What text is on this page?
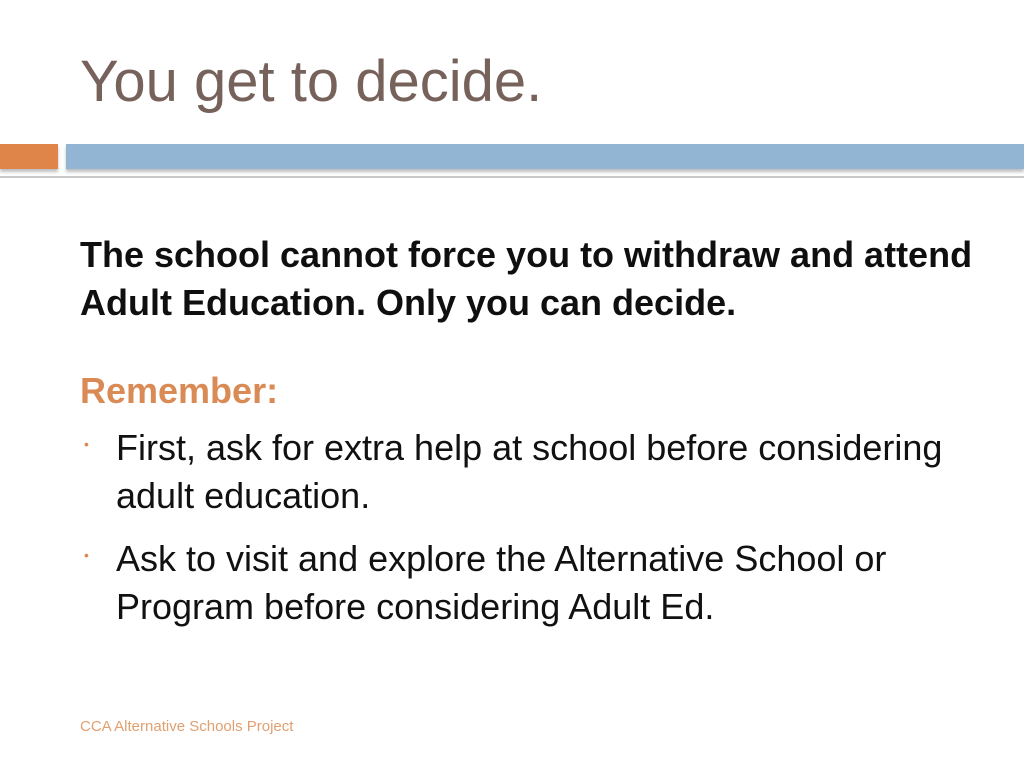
You get to decide.

The school cannot force you to withdraw and attend Adult Education. Only you can decide.

Remember:

• First, ask for extra help at school before considering adult education.
• Ask to visit and explore the Alternative School or Program before considering Adult Ed.
CCA Alternative Schools Project
